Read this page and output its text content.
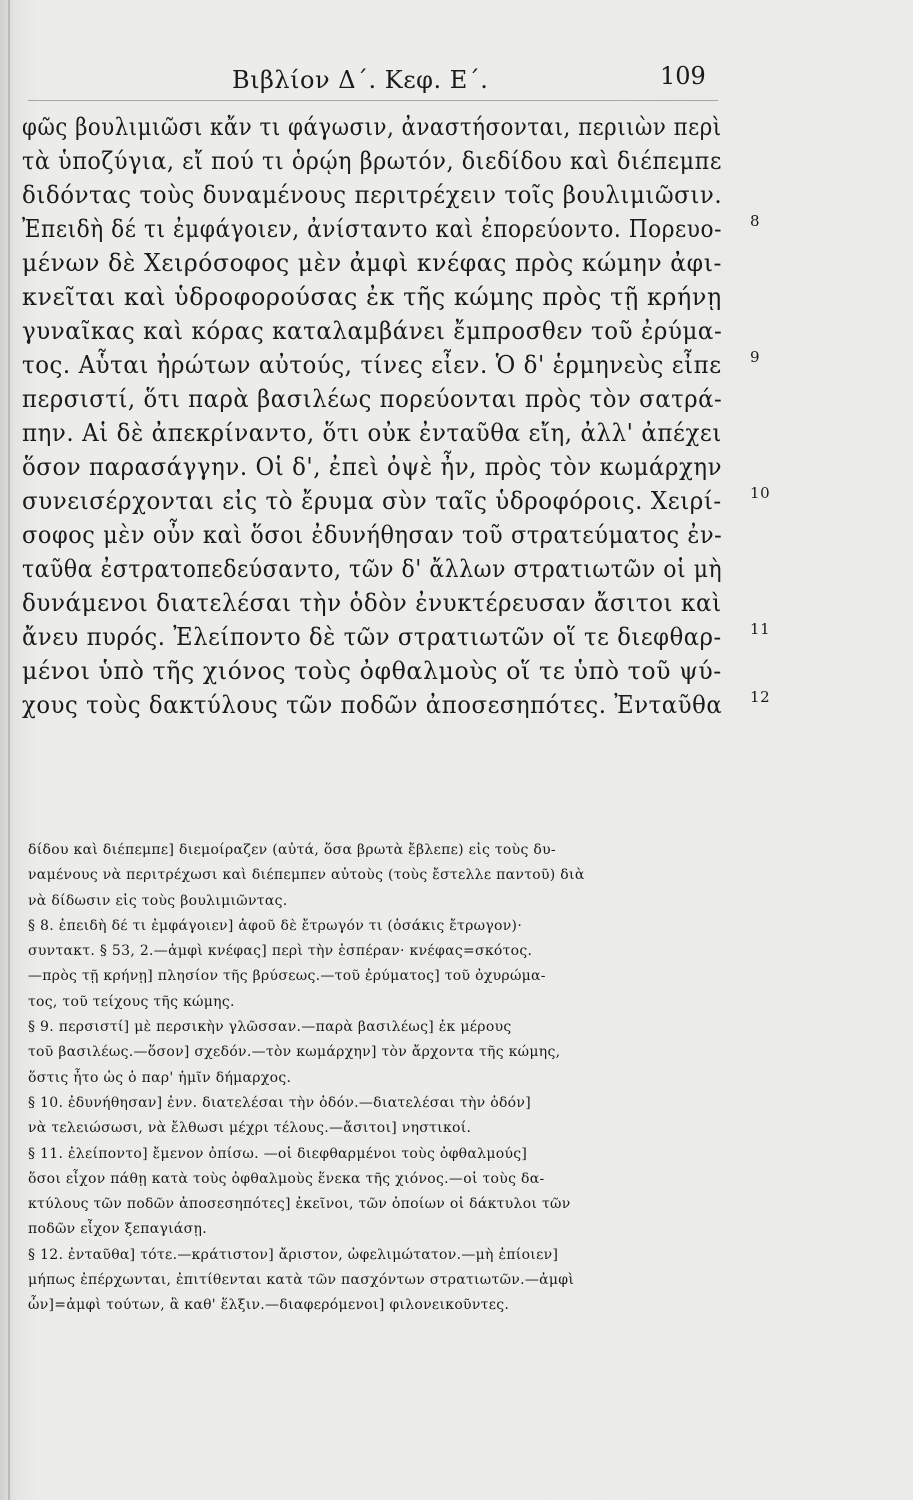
Βιβλίον Δ΄. Κεφ. Ε΄.	109
φῶς βουλιμιῶσι κἄν τι φάγωσιν, ἀναστήσονται, περιιὼν περὶ
τὰ ὑποζύγια, εἴ πού τι ὁρῴη βρωτόν, διεδίδου καὶ διέπεμπε
διδόντας τοὺς δυναμένους περιτρέχειν τοῖς βουλιμιῶσιν.
Ἐπειδὴ δέ τι ἐμφάγοιεν, ἀνίσταντο καὶ ἐπορεύοντο. Πορευο- 8
μένων δὲ Χειρόσοφος μὲν ἀμφὶ κνέφας πρὸς κώμην ἀφι-
κνεῖται καὶ ὑδροφορούσας ἐκ τῆς κώμης πρὸς τῇ κρήνῃ
γυναῖκας καὶ κόρας καταλαμβάνει ἔμπροσθεν τοῦ ἐρύμα-
τος. Αὗται ἠρώτων αὐτούς, τίνες εἶεν. Ὁ δ' ἑρμηνεὺς εἶπε 9
περσιστί, ὅτι παρὰ βασιλέως πορεύονται πρὸς τὸν σατρά-
πην. Αἱ δὲ ἀπεκρίναντο, ὅτι οὐκ ἐνταῦθα εἴη, ἀλλ' ἀπέχει
ὅσον παρασάγγην. Οἱ δ', ἐπεὶ ὀψὲ ἦν, πρὸς τὸν κωμάρχην
συνεισέρχονται εἰς τὸ ἔρυμα σὺν ταῖς ὑδροφόροις. Χειρί- 10
σοφος μὲν οὖν καὶ ὅσοι ἐδυνήθησαν τοῦ στρατεύματος ἐν-
ταῦθα ἐστρατοπεδεύσαντο, τῶν δ' ἄλλων στρατιωτῶν οἱ μὴ
δυνάμενοι διατελέσαι τὴν ὁδὸν ἐνυκτέρευσαν ἄσιτοι καὶ
ἄνευ πυρός. Ἐλείποντο δὲ τῶν στρατιωτῶν οἵ τε διεφθαρ- 11
μένοι ὑπὸ τῆς χιόνος τοὺς ὀφθαλμοὺς οἵ τε ὑπὸ τοῦ ψύ-
χους τοὺς δακτύλους τῶν ποδῶν ἀποσεσηπότες. Ἐνταῦθα 12
δίδου καὶ διέπεμπε] διεμοίραζεν (αὐτά, ὅσα βρωτὰ ἔβλεπε) εἰς τοὺς δυ-
ναμένους νὰ περιτρέχωσι καὶ διέπεμπεν αὐτοὺς (τοὺς ἔστελλε παντοῦ) διὰ
νὰ δίδωσιν εἰς τοὺς βουλιμιῶντας.
§ 8. ἐπειδὴ δέ τι ἐμφάγοιεν] ἀφοῦ δὲ ἔτρωγόν τι (ὁσάκις ἔτρωγον)·
συντακτ. § 53, 2.—ἀμφὶ κνέφας] περὶ τὴν ἑσπέραν· κνέφας=σκότος.
—πρὸς τῇ κρήνῃ] πλησίον τῆς βρύσεως.—τοῦ ἐρύματος] τοῦ ὀχυρώμα-
τος, τοῦ τείχους τῆς κώμης.
§ 9. περσιστί] μὲ περσικὴν γλῶσσαν.—παρὰ βασιλέως] ἐκ μέρους
τοῦ βασιλέως.—ὅσον] σχεδόν.—τὸν κωμάρχην] τὸν ἄρχοντα τῆς κώμης,
ὅστις ἦτο ὡς ὁ παρ' ἡμῖν δήμαρχος.
§ 10. ἐδυνήθησαν] ἐνν. διατελέσαι τὴν ὁδόν.—διατελέσαι τὴν ὁδόν]
νὰ τελειώσωσι, νὰ ἔλθωσι μέχρι τέλους.—ἄσιτοι] νηστικοί.
§ 11. ἐλείποντο] ἔμενον ὀπίσω. —οἱ διεφθαρμένοι τοὺς ὀφθαλμούς]
ὅσοι εἶχον πάθῃ κατὰ τοὺς ὀφθαλμοὺς ἕνεκα τῆς χιόνος.—οἱ τοὺς δα-
κτύλους τῶν ποδῶν ἀποσεσηπότες] ἐκεῖνοι, τῶν ὁποίων οἱ δάκτυλοι τῶν
ποδῶν εἶχον ξεπαγιάσῃ.
§ 12. ἐνταῦθα] τότε.—κράτιστον] ἄριστον, ὠφελιμώτατον.—μὴ ἐπίοιεν]
μήπως ἐπέρχωνται, ἐπιτίθενται κατὰ τῶν πασχόντων στρατιωτῶν.—ἀμφὶ
ὧν]=ἀμφὶ τούτων, ἃ καθ' ἕλξιν.—διαφερόμενοι] φιλονεικοῦντες.
